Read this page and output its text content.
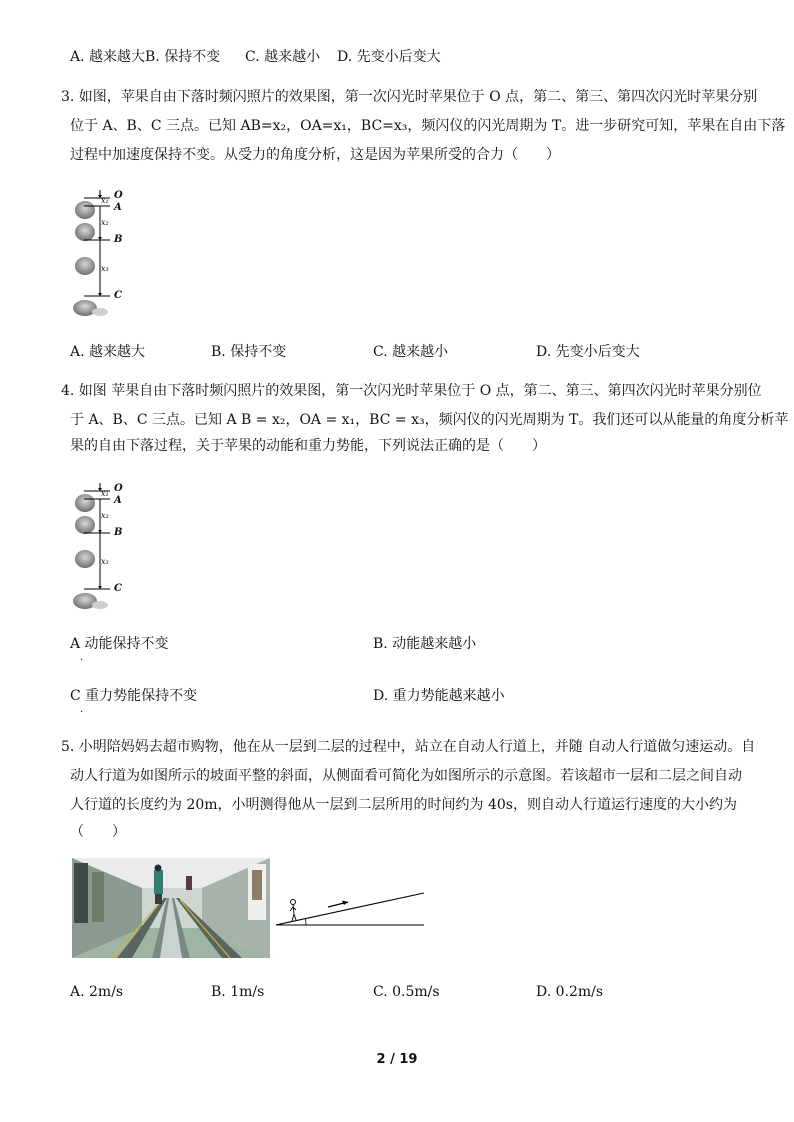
A. 越来越大B. 保持不变 C. 越来越小 D. 先变小后变大
3. 如图，苹果自由下落时频闪照片的效果图，第一次闪光时苹果位于 O 点，第二、第三、第四次闪光时苹果分别
位于 A、B、C 三点。已知 AB=x₂，OA=x₁，BC=x₃，频闪仪的闪光周期为 T。进一步研究可知，苹果在自由下落
过程中加速度保持不变。从受力的角度分析，这是因为苹果所受的合力（　　）
O
A
B
C
x₁
x₂
x₃
A. 越来越大	B. 保持不变	C. 越来越小	D. 先变小后变大
4. 如图 苹果自由下落时频闪照片的效果图，第一次闪光时苹果位于 O 点，第二、第三、第四次闪光时苹果分别位
于 A、B、C 三点。已知 A B = x₂，OA = x₁，BC = x₃，频闪仪的闪光周期为 T。我们还可以从能量的角度分析苹
果的自由下落过程，关于苹果的动能和重力势能，下列说法正确的是（　　）
O
A
B
C
x₁
x₂
x₃
A 动能保持不变
·
B. 动能越来越小
C 重力势能保持不变
·
D. 重力势能越来越小
5. 小明陪妈妈去超市购物，他在从一层到二层的过程中，站立在自动人行道上，并随 自动人行道做匀速运动。自
动人行道为如图所示的坡面平整的斜面，从侧面看可简化为如图所示的示意图。若该超市一层和二层之间自动
人行道的长度约为 20m，小明测得他从一层到二层所用的时间约为 40s，则自动人行道运行速度的大小约为
（　　）
A. 2m/s	B. 1m/s	C. 0.5m/s	D. 0.2m/s
2 / 19
